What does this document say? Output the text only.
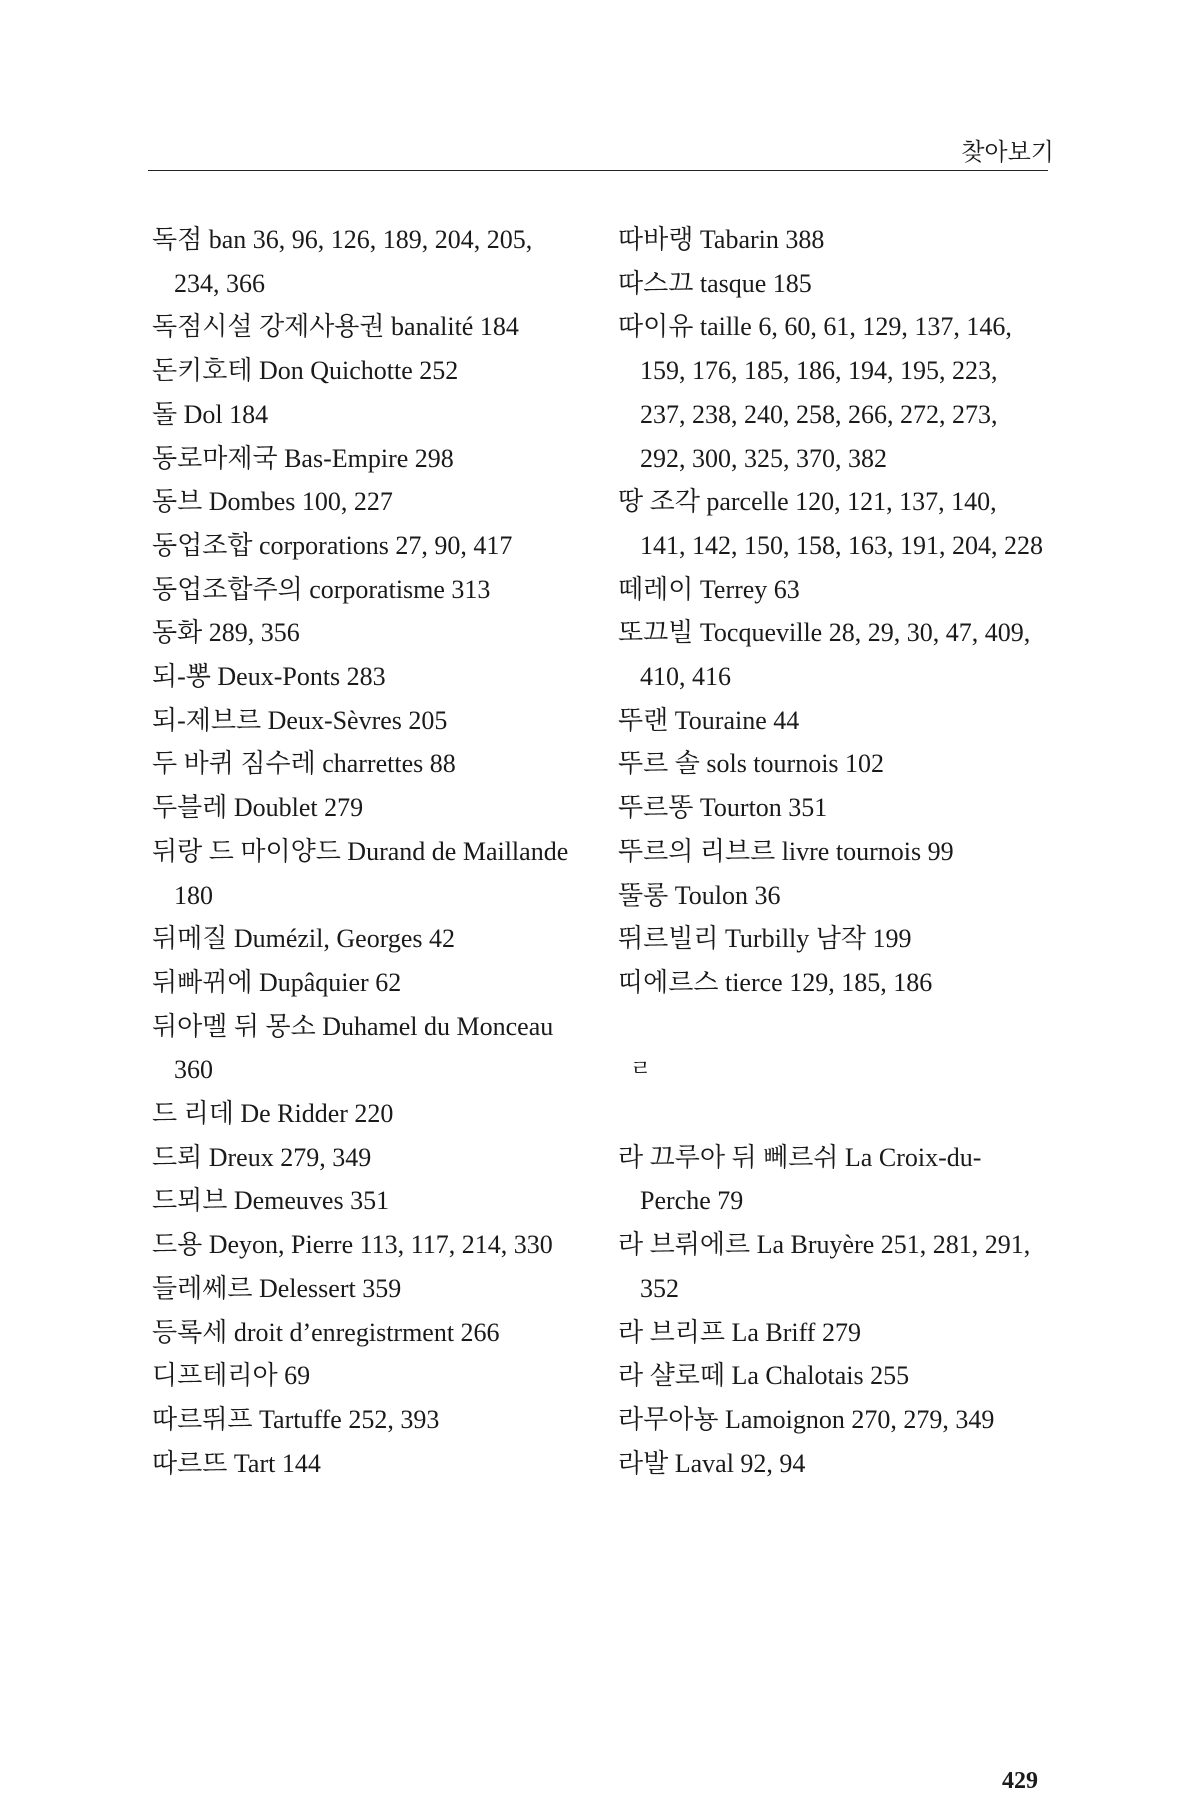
찾아보기
독점 ban 36, 96, 126, 189, 204, 205, 234, 366
독점시설 강제사용권 banalité 184
돈키호테 Don Quichotte 252
돌 Dol 184
동로마제국 Bas-Empire 298
동브 Dombes 100, 227
동업조합 corporations 27, 90, 417
동업조합주의 corporatisme 313
동화 289, 356
되-뽕 Deux-Ponts 283
되-제브르 Deux-Sèvres 205
두 바퀴 짐수레 charrettes 88
두블레 Doublet 279
뒤랑 드 마이양드 Durand de Maillande 180
뒤메질 Dumézil, Georges 42
뒤빠뀌에 Dupâquier 62
뒤아멜 뒤 몽소 Duhamel du Monceau 360
드 리데 De Ridder 220
드뢰 Dreux 279, 349
드뫼브 Demeuves 351
드용 Deyon, Pierre 113, 117, 214, 330
들레쎄르 Delessert 359
등록세 droit d’enregistrment 266
디프테리아 69
따르뛰프 Tartuffe 252, 393
따르뜨 Tart 144
따바랭 Tabarin 388
따스끄 tasque 185
따이유 taille 6, 60, 61, 129, 137, 146, 159, 176, 185, 186, 194, 195, 223, 237, 238, 240, 258, 266, 272, 273, 292, 300, 325, 370, 382
땅 조각 parcelle 120, 121, 137, 140, 141, 142, 150, 158, 163, 191, 204, 228
떼레이 Terrey 63
또끄빌 Tocqueville 28, 29, 30, 47, 409, 410, 416
뚜랜 Touraine 44
뚜르 솔 sols tournois 102
뚜르똥 Tourton 351
뚜르의 리브르 livre tournois 99
뚤롱 Toulon 36
뛰르빌리 Turbilly 남작 199
띠에르스 tierce 129, 185, 186
ㄹ
라 끄루아 뒤 뻬르쉬 La Croix-du-Perche 79
라 브뤼에르 La Bruyère 251, 281, 291, 352
라 브리프 La Briff 279
라 샬로떼 La Chalotais 255
라무아뇽 Lamoignon 270, 279, 349
라발 Laval 92, 94
429
